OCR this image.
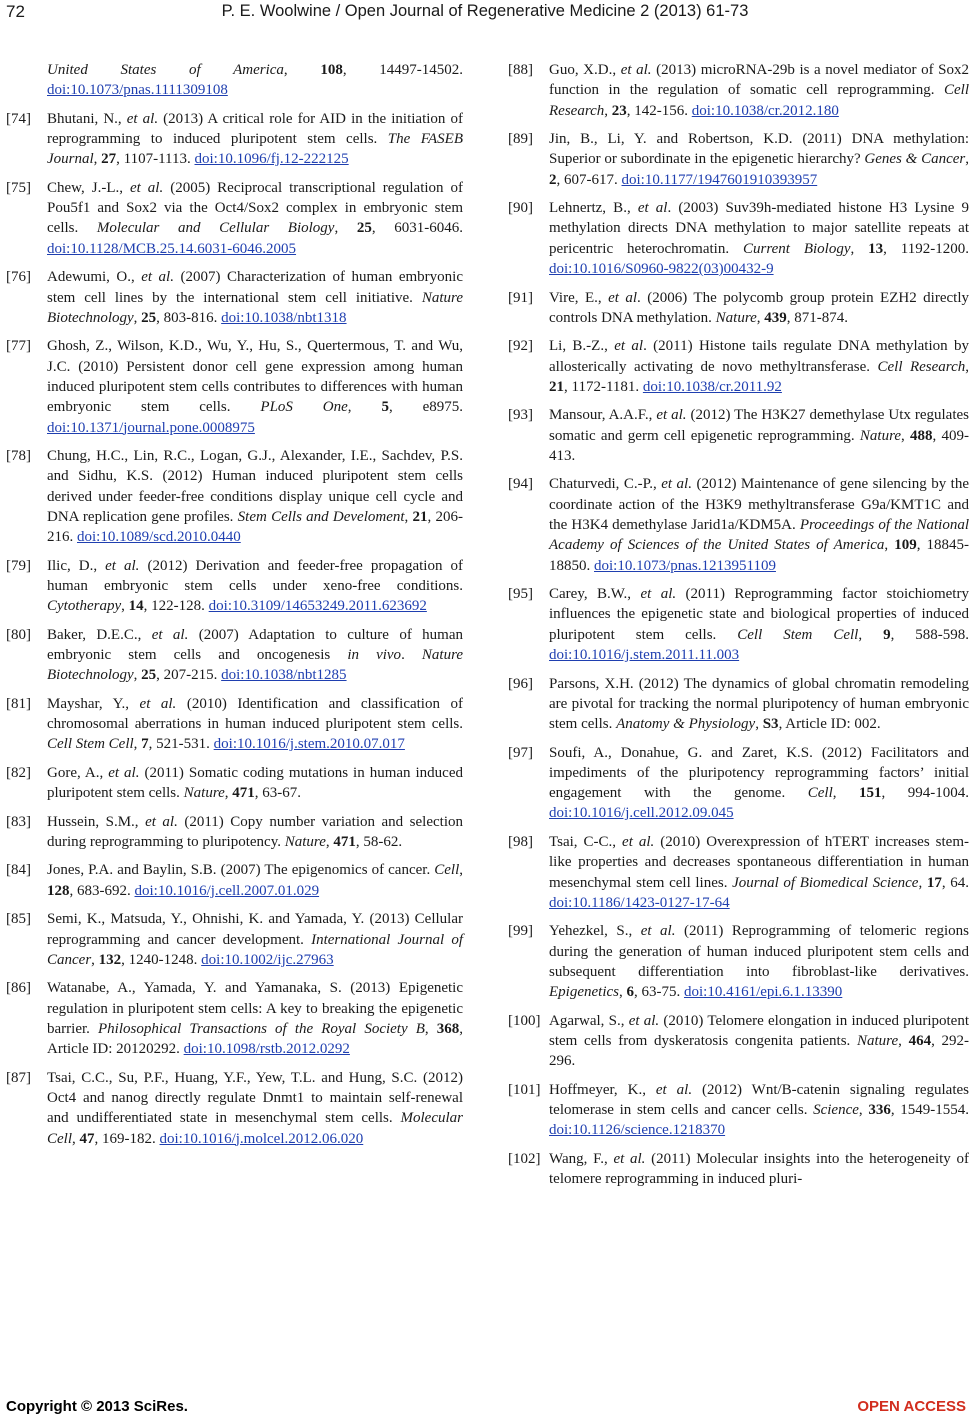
72	P. E. Woolwine / Open Journal of Regenerative Medicine 2 (2013) 61-73
United States of America, 108, 14497-14502. doi:10.1073/pnas.1111309108
[74] Bhutani, N., et al. (2013) A critical role for AID in the initiation of reprogramming to induced pluripotent stem cells. The FASEB Journal, 27, 1107-1113. doi:10.1096/fj.12-222125
[75] Chew, J.-L., et al. (2005) Reciprocal transcriptional regulation of Pou5f1 and Sox2 via the Oct4/Sox2 complex in embryonic stem cells. Molecular and Cellular Biology, 25, 6031-6046. doi:10.1128/MCB.25.14.6031-6046.2005
[76] Adewumi, O., et al. (2007) Characterization of human embryonic stem cell lines by the international stem cell initiative. Nature Biotechnology, 25, 803-816. doi:10.1038/nbt1318
[77] Ghosh, Z., Wilson, K.D., Wu, Y., Hu, S., Quertermous, T. and Wu, J.C. (2010) Persistent donor cell gene expression among human induced pluripotent stem cells contributes to differences with human embryonic stem cells. PLoS One, 5, e8975. doi:10.1371/journal.pone.0008975
[78] Chung, H.C., Lin, R.C., Logan, G.J., Alexander, I.E., Sachdev, P.S. and Sidhu, K.S. (2012) Human induced pluripotent stem cells derived under feeder-free conditions display unique cell cycle and DNA replication gene profiles. Stem Cells and Develoment, 21, 206-216. doi:10.1089/scd.2010.0440
[79] Ilic, D., et al. (2012) Derivation and feeder-free propagation of human embryonic stem cells under xeno-free conditions. Cytotherapy, 14, 122-128. doi:10.3109/14653249.2011.623692
[80] Baker, D.E.C., et al. (2007) Adaptation to culture of human embryonic stem cells and oncogenesis in vivo. Nature Biotechnology, 25, 207-215. doi:10.1038/nbt1285
[81] Mayshar, Y., et al. (2010) Identification and classification of chromosomal aberrations in human induced pluripotent stem cells. Cell Stem Cell, 7, 521-531. doi:10.1016/j.stem.2010.07.017
[82] Gore, A., et al. (2011) Somatic coding mutations in human induced pluripotent stem cells. Nature, 471, 63-67.
[83] Hussein, S.M., et al. (2011) Copy number variation and selection during reprogramming to pluripotency. Nature, 471, 58-62.
[84] Jones, P.A. and Baylin, S.B. (2007) The epigenomics of cancer. Cell, 128, 683-692. doi:10.1016/j.cell.2007.01.029
[85] Semi, K., Matsuda, Y., Ohnishi, K. and Yamada, Y. (2013) Cellular reprogramming and cancer development. International Journal of Cancer, 132, 1240-1248. doi:10.1002/ijc.27963
[86] Watanabe, A., Yamada, Y. and Yamanaka, S. (2013) Epigenetic regulation in pluripotent stem cells: A key to breaking the epigenetic barrier. Philosophical Transactions of the Royal Society B, 368, Article ID: 20120292. doi:10.1098/rstb.2012.0292
[87] Tsai, C.C., Su, P.F., Huang, Y.F., Yew, T.L. and Hung, S.C. (2012) Oct4 and nanog directly regulate Dnmt1 to maintain self-renewal and undifferentiated state in mesenchymal stem cells. Molecular Cell, 47, 169-182. doi:10.1016/j.molcel.2012.06.020
[88] Guo, X.D., et al. (2013) microRNA-29b is a novel mediator of Sox2 function in the regulation of somatic cell reprogramming. Cell Research, 23, 142-156. doi:10.1038/cr.2012.180
[89] Jin, B., Li, Y. and Robertson, K.D. (2011) DNA methylation: Superior or subordinate in the epigenetic hierarchy? Genes & Cancer, 2, 607-617. doi:10.1177/1947601910393957
[90] Lehnertz, B., et al. (2003) Suv39h-mediated histone H3 Lysine 9 methylation directs DNA methylation to major satellite repeats at pericentric heterochromatin. Current Biology, 13, 1192-1200. doi:10.1016/S0960-9822(03)00432-9
[91] Vire, E., et al. (2006) The polycomb group protein EZH2 directly controls DNA methylation. Nature, 439, 871-874.
[92] Li, B.-Z., et al. (2011) Histone tails regulate DNA methylation by allosterically activating de novo methyltransferase. Cell Research, 21, 1172-1181. doi:10.1038/cr.2011.92
[93] Mansour, A.A.F., et al. (2012) The H3K27 demethylase Utx regulates somatic and germ cell epigenetic reprogramming. Nature, 488, 409-413.
[94] Chaturvedi, C.-P., et al. (2012) Maintenance of gene silencing by the coordinate action of the H3K9 methyltransferase G9a/KMT1C and the H3K4 demethylase Jarid1a/KDM5A. Proceedings of the National Academy of Sciences of the United States of America, 109, 18845-18850. doi:10.1073/pnas.1213951109
[95] Carey, B.W., et al. (2011) Reprogramming factor stoichiometry influences the epigenetic state and biological properties of induced pluripotent stem cells. Cell Stem Cell, 9, 588-598. doi:10.1016/j.stem.2011.11.003
[96] Parsons, X.H. (2012) The dynamics of global chromatin remodeling are pivotal for tracking the normal pluripotency of human embryonic stem cells. Anatomy & Physiology, S3, Article ID: 002.
[97] Soufi, A., Donahue, G. and Zaret, K.S. (2012) Facilitators and impediments of the pluripotency reprogramming factors’ initial engagement with the genome. Cell, 151, 994-1004. doi:10.1016/j.cell.2012.09.045
[98] Tsai, C-C., et al. (2010) Overexpression of hTERT increases stem-like properties and decreases spontaneous differentiation in human mesenchymal stem cell lines. Journal of Biomedical Science, 17, 64. doi:10.1186/1423-0127-17-64
[99] Yehezkel, S., et al. (2011) Reprogramming of telomeric regions during the generation of human induced pluripotent stem cells and subsequent differentiation into fibroblast-like derivatives. Epigenetics, 6, 63-75. doi:10.4161/epi.6.1.13390
[100] Agarwal, S., et al. (2010) Telomere elongation in induced pluripotent stem cells from dyskeratosis congenita patients. Nature, 464, 292-296.
[101] Hoffmeyer, K., et al. (2012) Wnt/B-catenin signaling regulates telomerase in stem cells and cancer cells. Science, 336, 1549-1554. doi:10.1126/science.1218370
[102] Wang, F., et al. (2011) Molecular insights into the heterogeneity of telomere reprogramming in induced pluri-
Copyright © 2013 SciRes.	OPEN ACCESS
